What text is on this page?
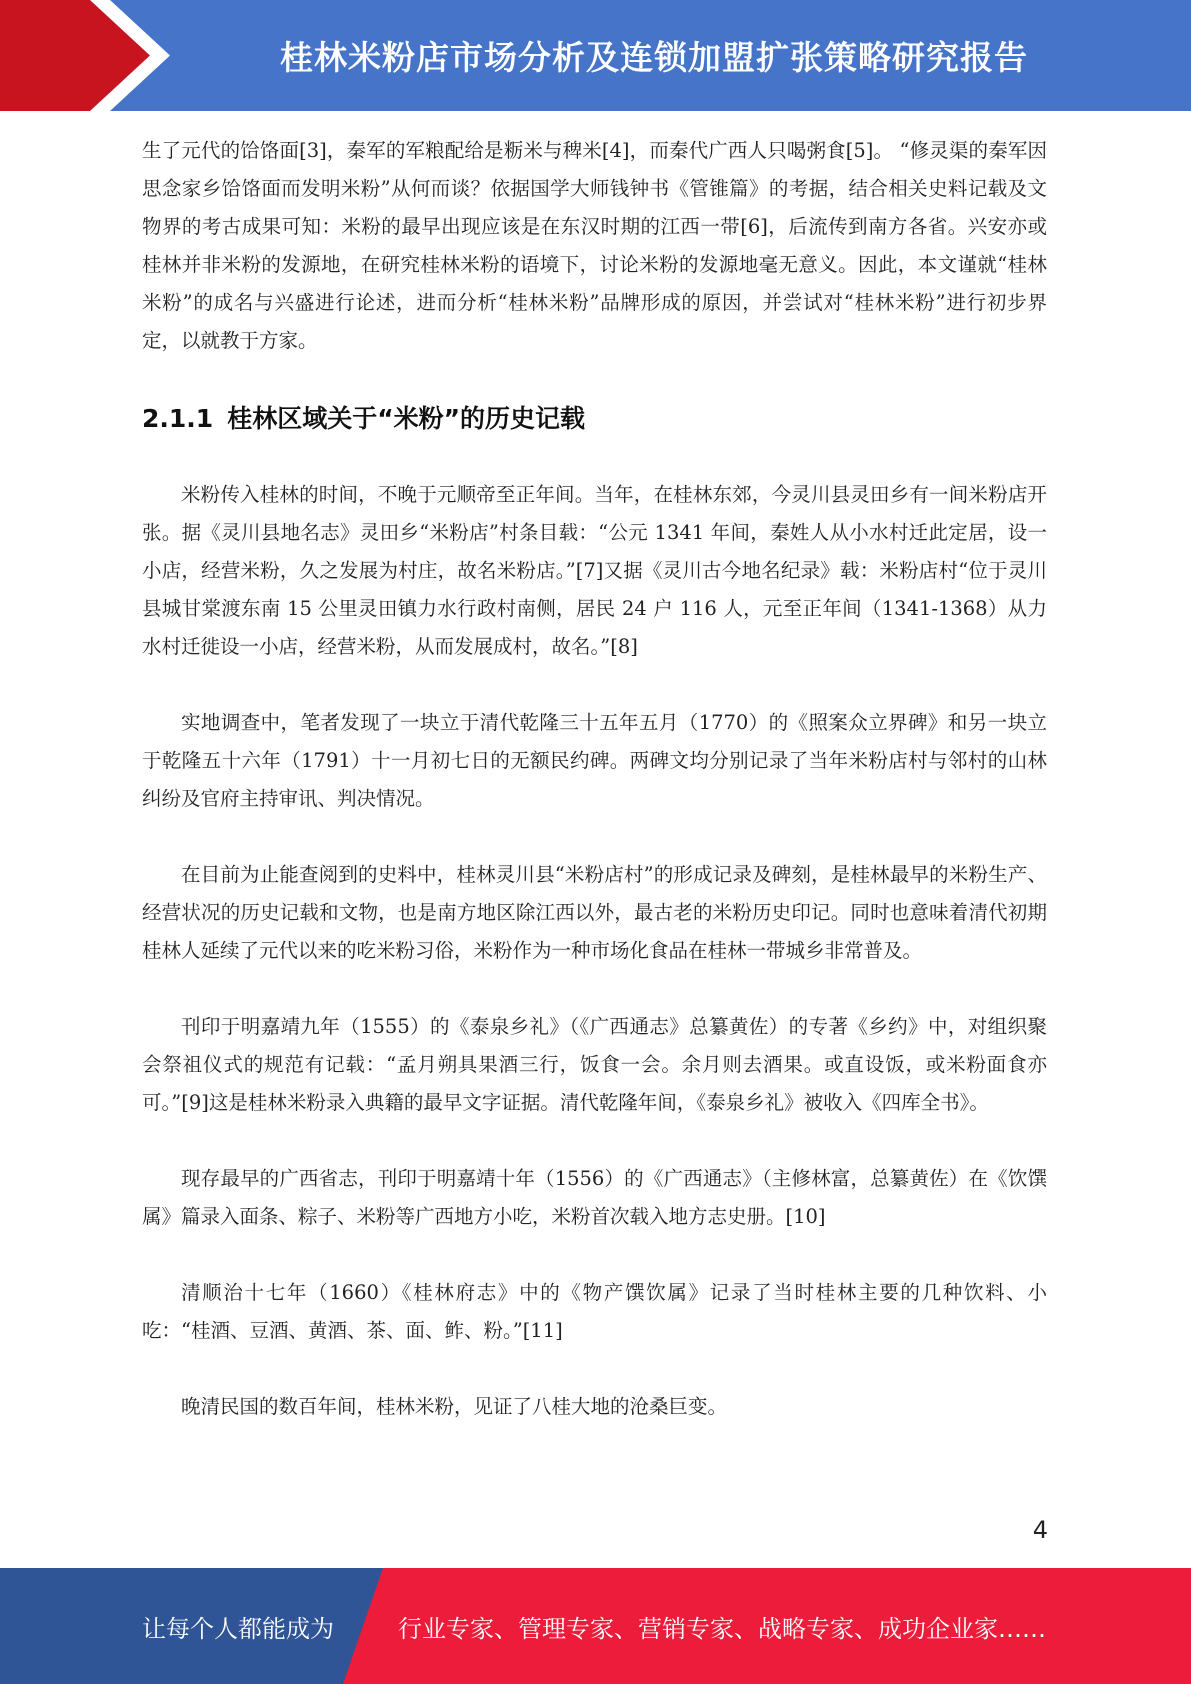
桂林米粉店市场分析及连锁加盟扩张策略研究报告

生了元代的饸饹面[3]，秦军的军粮配给是粝米与稗米[4]，而秦代广西人只喝粥食[5]。 “修灵渠的秦军因思念家乡饸饹面而发明米粉”从何而谈？依据国学大师钱钟书《管锥篇》的考据，结合相关史料记载及文物界的考古成果可知：米粉的最早出现应该是在东汉时期的江西一带[6]，后流传到南方各省。兴安亦或桂林并非米粉的发源地，在研究桂林米粉的语境下，讨论米粉的发源地毫无意义。因此，本文谨就“桂林米粉”的成名与兴盛进行论述，进而分析“桂林米粉”品牌形成的原因，并尝试对“桂林米粉”进行初步界定，以就教于方家。

2.1.1 桂林区域关于“米粉”的历史记载

米粉传入桂林的时间，不晚于元顺帝至正年间。当年，在桂林东郊，今灵川县灵田乡有一间米粉店开张。据《灵川县地名志》灵田乡“米粉店”村条目载：“公元 1341 年间，秦姓人从小水村迁此定居，设一小店，经营米粉，久之发展为村庄，故名米粉店。”[7]又据《灵川古今地名纪录》载：米粉店村“位于灵川县城甘棠渡东南 15 公里灵田镇力水行政村南侧，居民 24 户 116 人，元至正年间（1341-1368）从力水村迁徙设一小店，经营米粉，从而发展成村，故名。”[8]

实地调查中，笔者发现了一块立于清代乾隆三十五年五月（1770）的《照案众立界碑》和另一块立于乾隆五十六年（1791）十一月初七日的无额民约碑。两碑文均分别记录了当年米粉店村与邻村的山林纠纷及官府主持审讯、判决情况。

在目前为止能查阅到的史料中，桂林灵川县“米粉店村”的形成记录及碑刻，是桂林最早的米粉生产、经营状况的历史记载和文物，也是南方地区除江西以外，最古老的米粉历史印记。同时也意味着清代初期桂林人延续了元代以来的吃米粉习俗，米粉作为一种市场化食品在桂林一带城乡非常普及。

刊印于明嘉靖九年（1555）的《泰泉乡礼》（《广西通志》总纂黄佐）的专著《乡约》中，对组织聚会祭祖仪式的规范有记载：“孟月朔具果酒三行，饭食一会。余月则去酒果。或直设饭，或米粉面食亦可。”[9]这是桂林米粉录入典籍的最早文字证据。清代乾隆年间，《泰泉乡礼》被收入《四库全书》。

现存最早的广西省志，刊印于明嘉靖十年（1556）的《广西通志》（主修林富，总纂黄佐）在《饮馔属》篇录入面条、粽子、米粉等广西地方小吃，米粉首次载入地方志史册。[10]

清顺治十七年（1660）《桂林府志》中的《物产馔饮属》记录了当时桂林主要的几种饮料、小吃：“桂酒、豆酒、黄酒、茶、面、鲊、粉。”[11]

晚清民国的数百年间，桂林米粉，见证了八桂大地的沧桑巨变。

4
让每个人都能成为	行业专家、管理专家、营销专家、战略专家、成功企业家……
